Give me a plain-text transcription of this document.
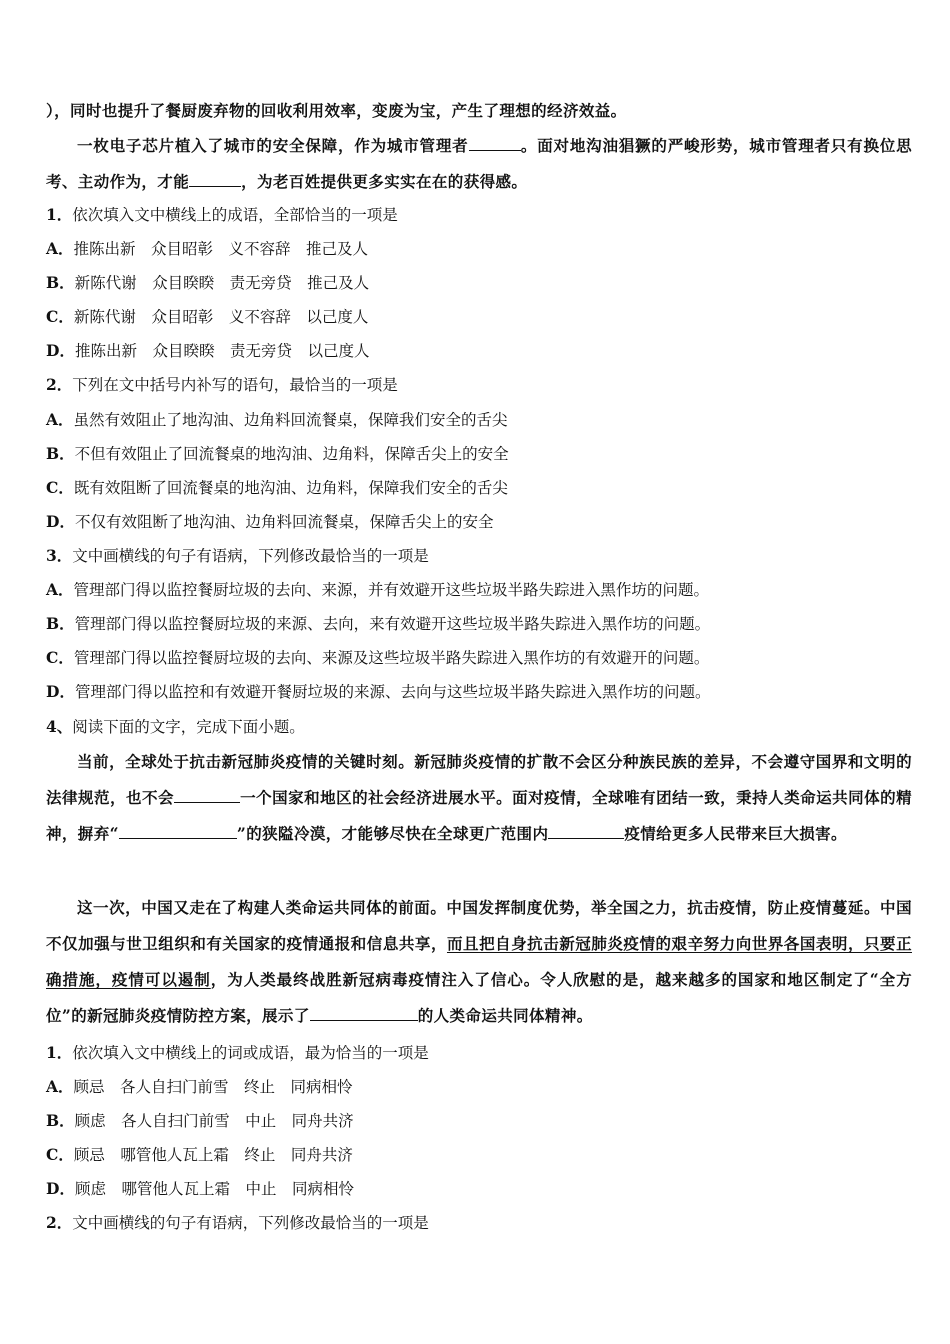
），同时也提升了餐厨废弃物的回收利用效率，变废为宝，产生了理想的经济效益。
一枚电子芯片植入了城市的安全保障，作为城市管理者	。面对地沟油猖獗的严峻形势，城市管理者只有换位思考、主动作为，才能	，为老百姓提供更多实实在在的获得感。
1．依次填入文中横线上的成语，全部恰当的一项是
A．推陈出新　众目昭彰　义不容辞　推己及人
B．新陈代谢　众目睽睽　责无旁贷　推己及人
C．新陈代谢　众目昭彰　义不容辞　以己度人
D．推陈出新　众目睽睽　责无旁贷　以己度人
2．下列在文中括号内补写的语句，最恰当的一项是
A．虽然有效阻止了地沟油、边角料回流餐桌，保障我们安全的舌尖
B．不但有效阻止了回流餐桌的地沟油、边角料，保障舌尖上的安全
C．既有效阻断了回流餐桌的地沟油、边角料，保障我们安全的舌尖
D．不仅有效阻断了地沟油、边角料回流餐桌，保障舌尖上的安全
3．文中画横线的句子有语病，下列修改最恰当的一项是
A．管理部门得以监控餐厨垃圾的去向、来源，并有效避开这些垃圾半路失踪进入黑作坊的问题。
B．管理部门得以监控餐厨垃圾的来源、去向，来有效避开这些垃圾半路失踪进入黑作坊的问题。
C．管理部门得以监控餐厨垃圾的去向、来源及这些垃圾半路失踪进入黑作坊的有效避开的问题。
D．管理部门得以监控和有效避开餐厨垃圾的来源、去向与这些垃圾半路失踪进入黑作坊的问题。
4、阅读下面的文字，完成下面小题。
当前，全球处于抗击新冠肺炎疫情的关键时刻。新冠肺炎疫情的扩散不会区分种族民族的差异，不会遵守国界和文明的法律规范，也不会	一个国家和地区的社会经济进展水平。面对疫情，全球唯有团结一致，秉持人类命运共同体的精神，摒弃“	”的狭隘冷漠，才能够尽快在全球更广范围内	疫情给更多人民带来巨大损害。
这一次，中国又走在了构建人类命运共同体的前面。中国发挥制度优势，举全国之力，抗击疫情，防止疫情蔓延。中国不仅加强与世卫组织和有关国家的疫情通报和信息共享，而且把自身抗击新冠肺炎疫情的艰辛努力向世界各国表明，只要正确措施，疫情可以遏制，为人类最终战胜新冠病毒疫情注入了信心。令人欣慰的是，越来越多的国家和地区制定了“全方位”的新冠肺炎疫情防控方案，展示了	的人类命运共同体精神。
1．依次填入文中横线上的词或成语，最为恰当的一项是
A．顾忌　各人自扫门前雪　终止　同病相怜
B．顾虑　各人自扫门前雪　中止　同舟共济
C．顾忌　哪管他人瓦上霜　终止　同舟共济
D．顾虑　哪管他人瓦上霜　中止　同病相怜
2．文中画横线的句子有语病，下列修改最恰当的一项是
